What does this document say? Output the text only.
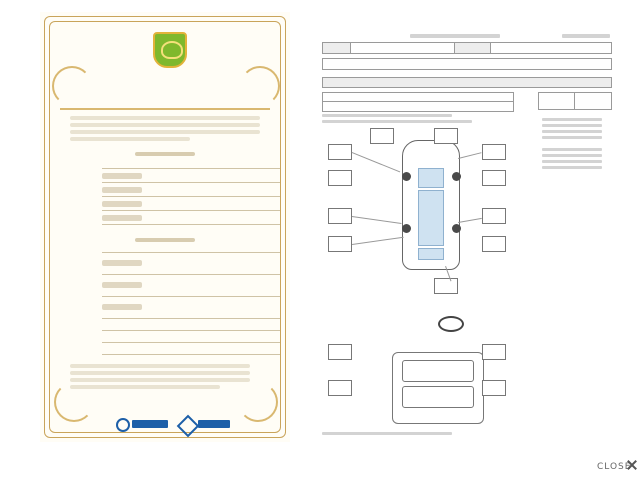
CLOSE
